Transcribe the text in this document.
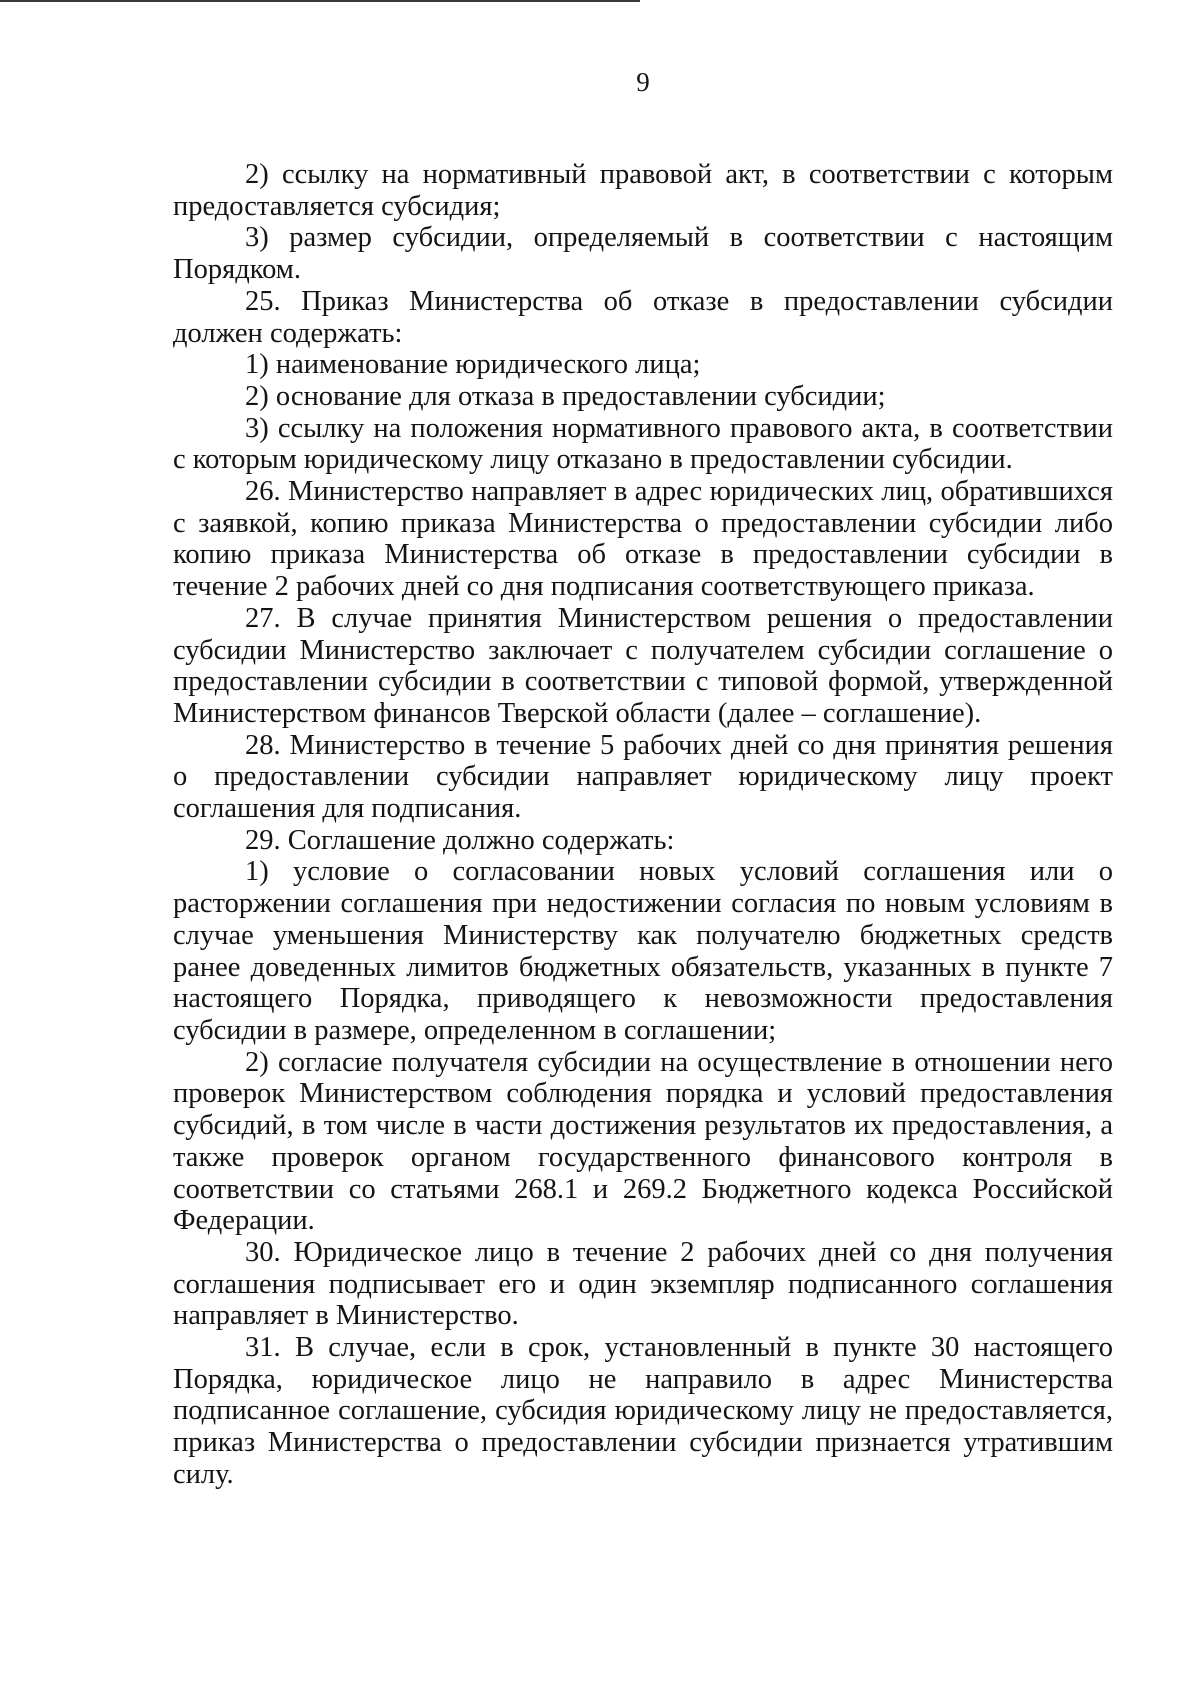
9

2) ссылку на нормативный правовой акт, в соответствии с которым предоставляется субсидия;

3) размер субсидии, определяемый в соответствии с настоящим Порядком.

25. Приказ Министерства об отказе в предоставлении субсидии должен содержать:

1) наименование юридического лица;

2) основание для отказа в предоставлении субсидии;

3) ссылку на положения нормативного правового акта, в соответствии с которым юридическому лицу отказано в предоставлении субсидии.

26. Министерство направляет в адрес юридических лиц, обратившихся с заявкой, копию приказа Министерства о предоставлении субсидии либо копию приказа Министерства об отказе в предоставлении субсидии в течение 2 рабочих дней со дня подписания соответствующего приказа.

27. В случае принятия Министерством решения о предоставлении субсидии Министерство заключает с получателем субсидии соглашение о предоставлении субсидии в соответствии с типовой формой, утвержденной Министерством финансов Тверской области (далее – соглашение).

28. Министерство в течение 5 рабочих дней со дня принятия решения о предоставлении субсидии направляет юридическому лицу проект соглашения для подписания.

29. Соглашение должно содержать:

1) условие о согласовании новых условий соглашения или о расторжении соглашения при недостижении согласия по новым условиям в случае уменьшения Министерству как получателю бюджетных средств ранее доведенных лимитов бюджетных обязательств, указанных в пункте 7 настоящего Порядка, приводящего к невозможности предоставления субсидии в размере, определенном в соглашении;

2) согласие получателя субсидии на осуществление в отношении него проверок Министерством соблюдения порядка и условий предоставления субсидий, в том числе в части достижения результатов их предоставления, а также проверок органом государственного финансового контроля в соответствии со статьями 268.1 и 269.2 Бюджетного кодекса Российской Федерации.

30. Юридическое лицо в течение 2 рабочих дней со дня получения соглашения подписывает его и один экземпляр подписанного соглашения направляет в Министерство.

31. В случае, если в срок, установленный в пункте 30 настоящего Порядка, юридическое лицо не направило в адрес Министерства подписанное соглашение, субсидия юридическому лицу не предоставляется, приказ Министерства о предоставлении субсидии признается утратившим силу.
